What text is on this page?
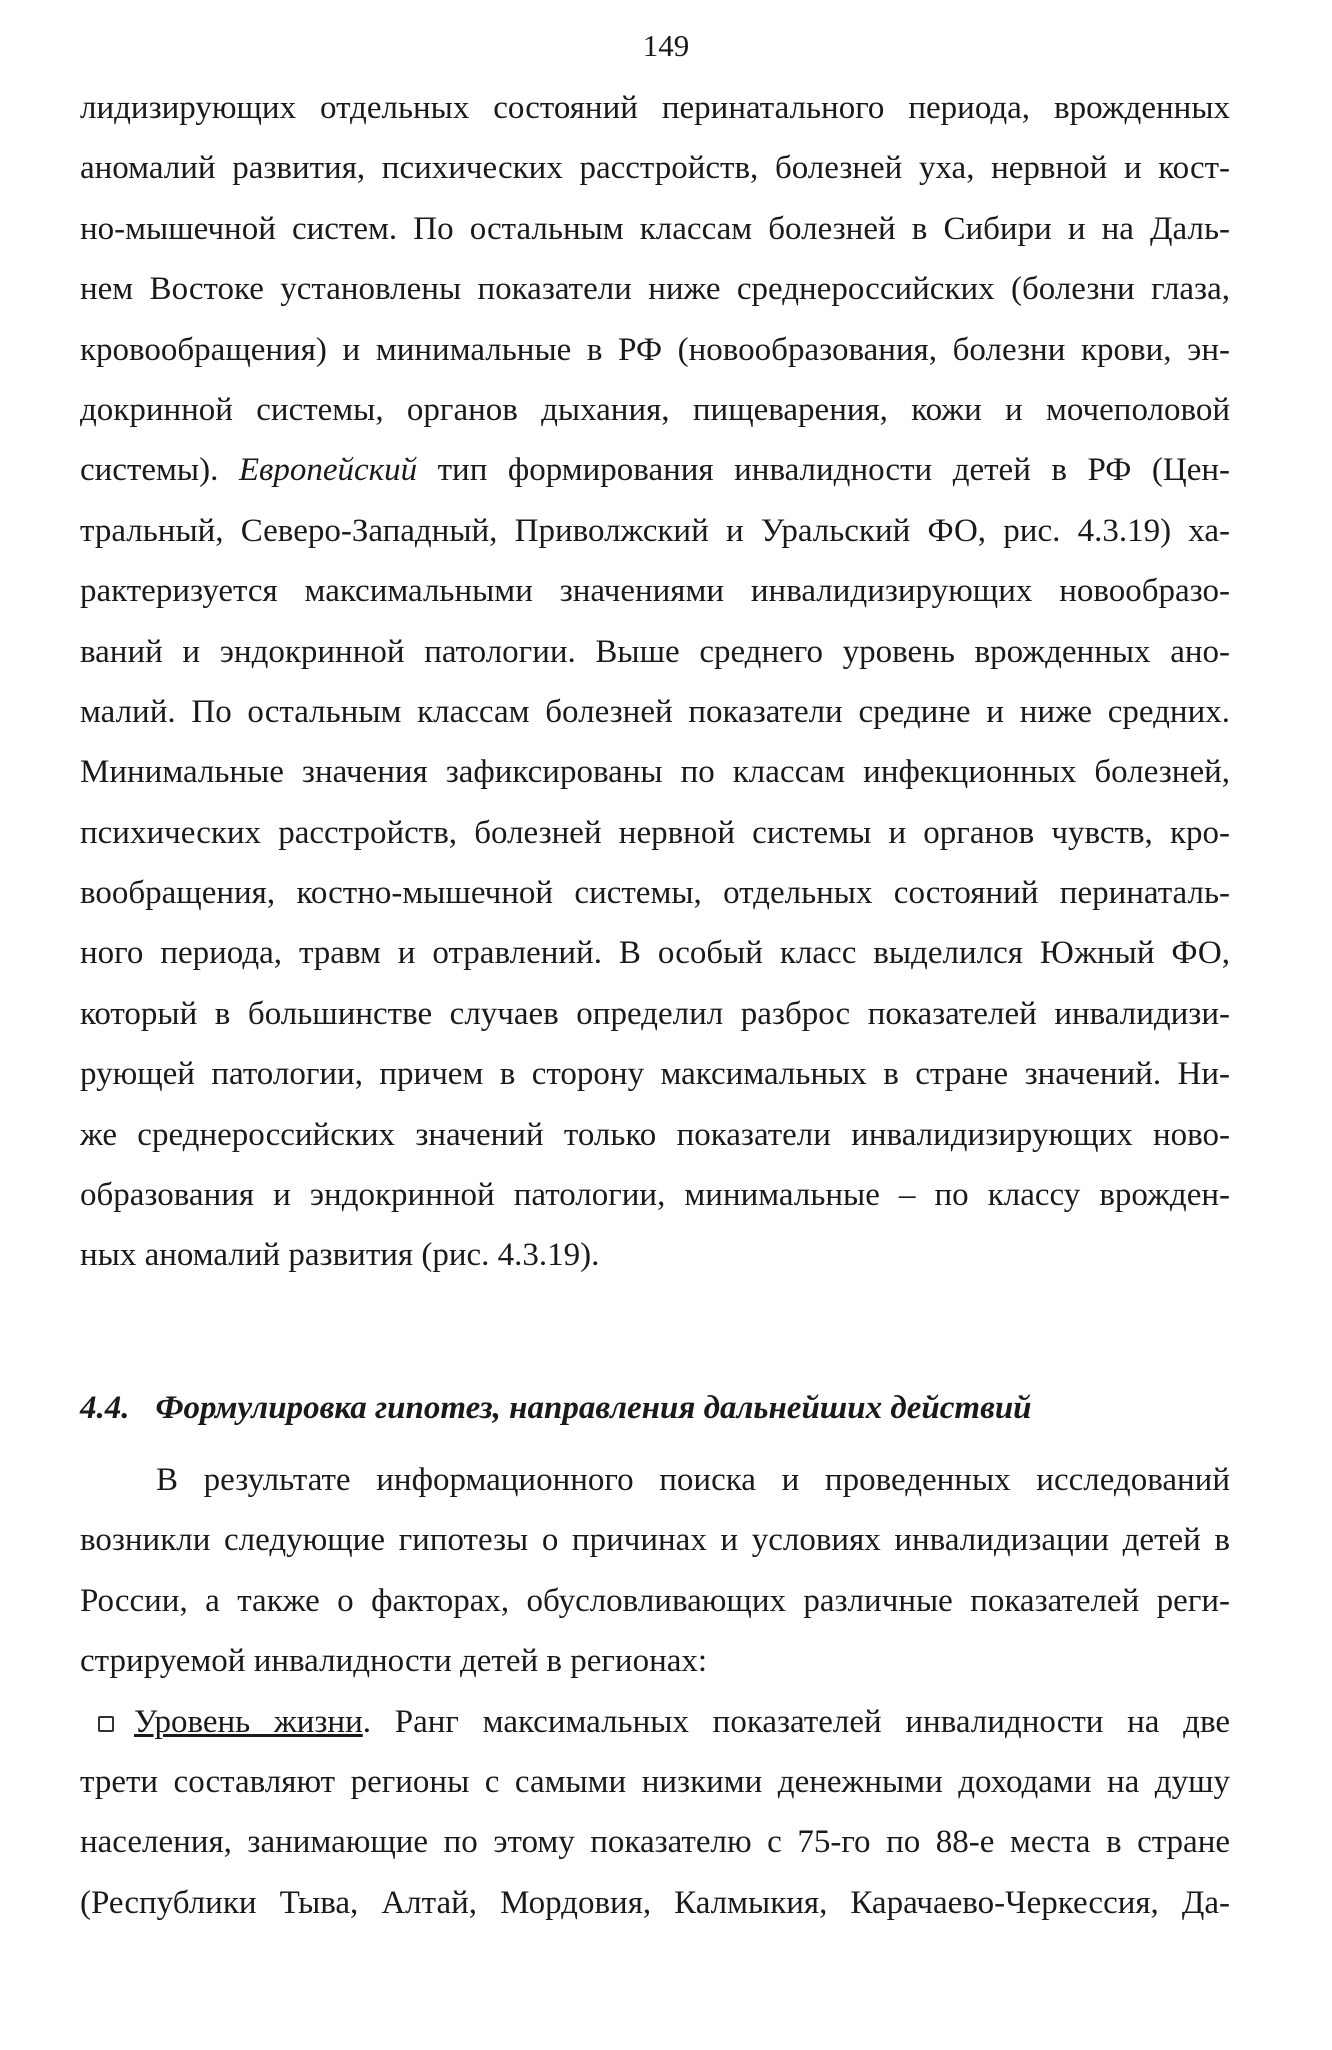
149
лидизирующих отдельных состояний перинатального периода, врожденных
аномалий развития, психических расстройств, болезней уха, нервной и кост-
но-мышечной систем. По остальным классам болезней в Сибири и на Даль-
нем Востоке установлены показатели ниже среднероссийских (болезни глаза,
кровообращения) и минимальные в РФ (новообразования, болезни крови, эн-
докринной системы, органов дыхания, пищеварения, кожи и мочеполовой
системы). Европейский тип формирования инвалидности детей в РФ (Цен-
тральный, Северо-Западный, Приволжский и Уральский ФО, рис. 4.3.19) ха-
рактеризуется максимальными значениями инвалидизирующих новообразо-
ваний и эндокринной патологии. Выше среднего уровень врожденных ано-
малий. По остальным классам болезней показатели средине и ниже средних.
Минимальные значения зафиксированы по классам инфекционных болезней,
психических расстройств, болезней нервной системы и органов чувств, кро-
вообращения, костно-мышечной системы, отдельных состояний перинаталь-
ного периода, травм и отравлений. В особый класс выделился Южный ФО,
который в большинстве случаев определил разброс показателей инвалидизи-
рующей патологии, причем в сторону максимальных в стране значений. Ни-
же среднероссийских значений только показатели инвалидизирующих ново-
образования и эндокринной патологии, минимальные – по классу врожден-
ных аномалий развития (рис. 4.3.19).
4.4. Формулировка гипотез, направления дальнейших действий
В результате информационного поиска и проведенных исследований
возникли следующие гипотезы о причинах и условиях инвалидизации детей в
России, а также о факторах, обусловливающих различные показателей реги-
стрируемой инвалидности детей в регионах:
Уровень жизни. Ранг максимальных показателей инвалидности на две
трети составляют регионы с самыми низкими денежными доходами на душу
населения, занимающие по этому показателю с 75-го по 88-е места в стране
(Республики Тыва, Алтай, Мордовия, Калмыкия, Карачаево-Черкессия, Да-
